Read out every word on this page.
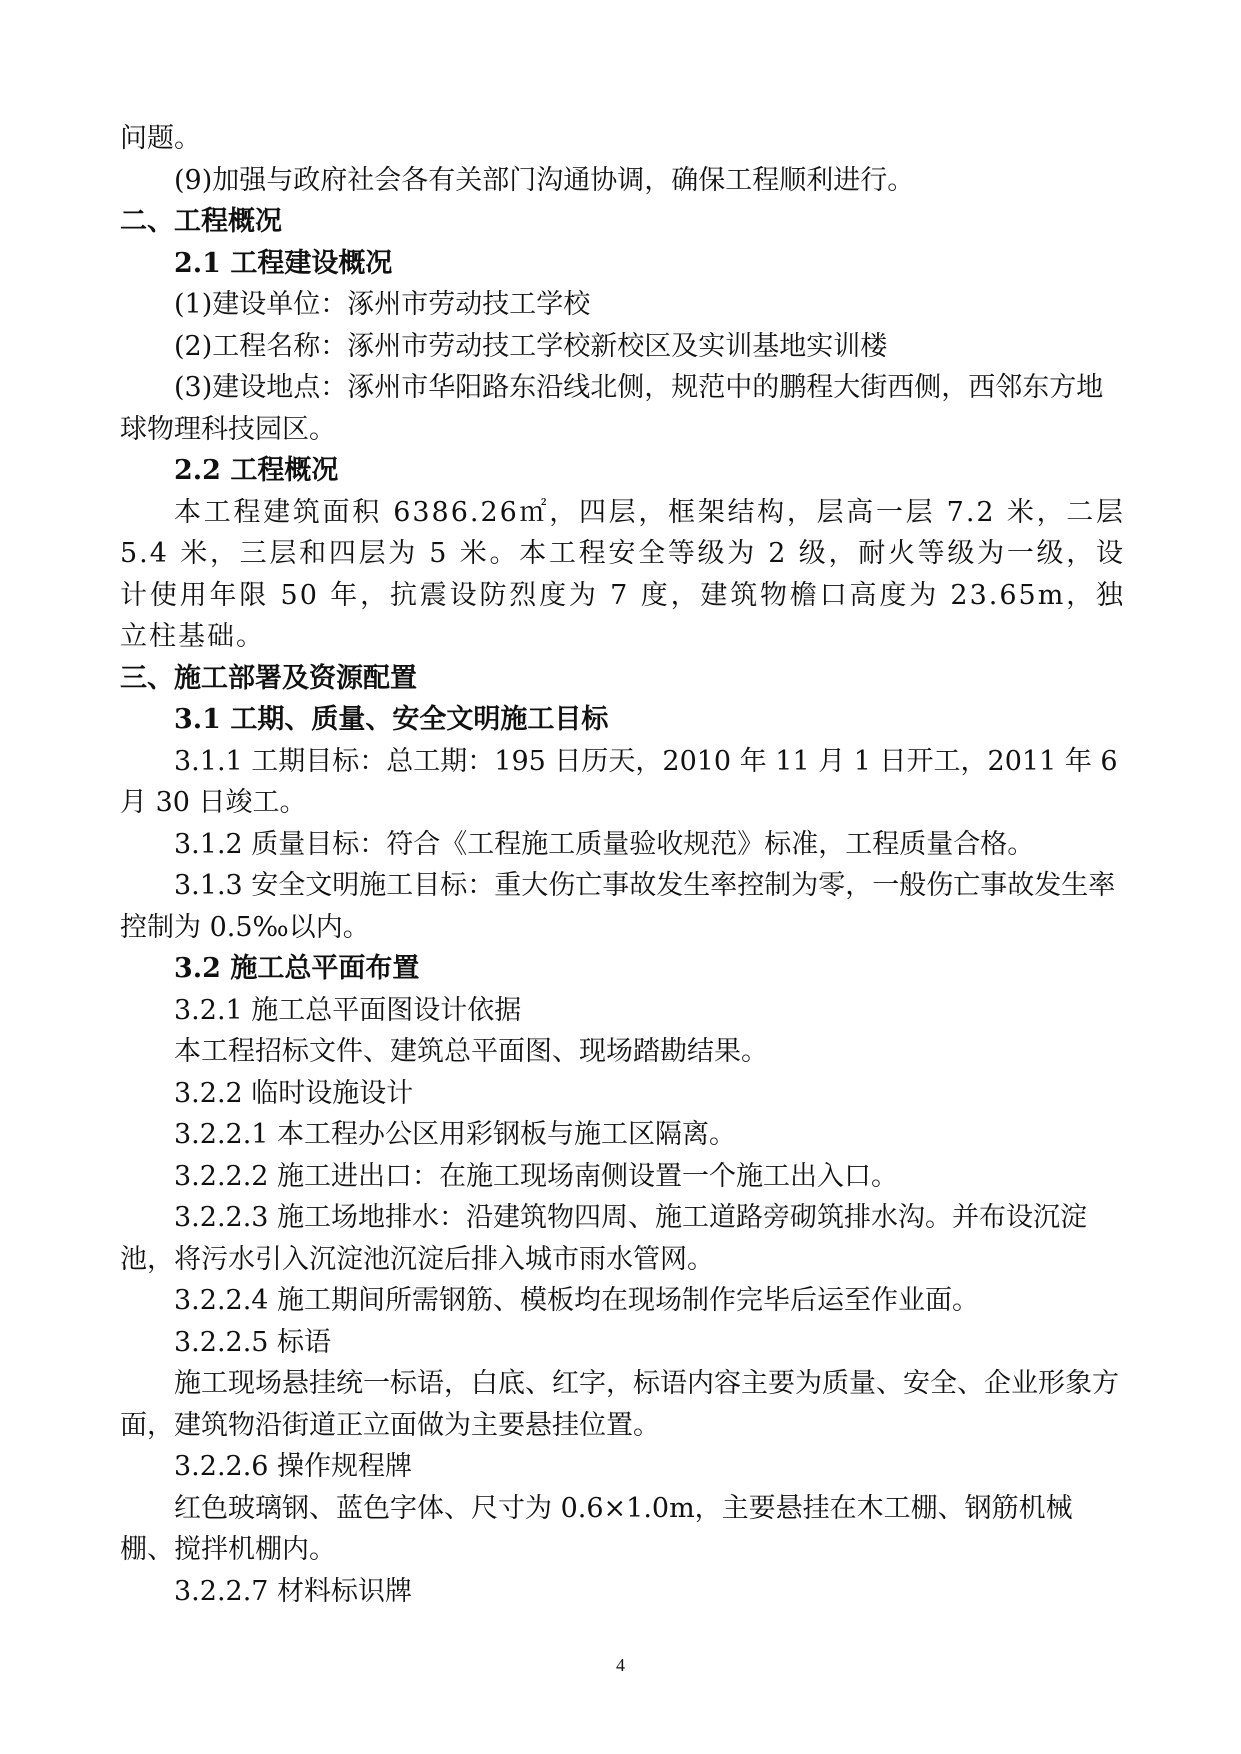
问题。

(9)加强与政府社会各有关部门沟通协调，确保工程顺利进行。

二、工程概况

2.1 工程建设概况

(1)建设单位：涿州市劳动技工学校

(2)工程名称：涿州市劳动技工学校新校区及实训基地实训楼

(3)建设地点：涿州市华阳路东沿线北侧，规范中的鹏程大街西侧，西邻东方地球物理科技园区。

2.2 工程概况

本工程建筑面积 6386.26㎡，四层，框架结构，层高一层 7.2 米，二层 5.4 米，三层和四层为 5 米。本工程安全等级为 2 级，耐火等级为一级，设计使用年限 50 年，抗震设防烈度为 7 度，建筑物檐口高度为 23.65m，独立柱基础。

三、施工部署及资源配置

3.1 工期、质量、安全文明施工目标

3.1.1 工期目标：总工期：195 日历天，2010 年 11 月 1 日开工，2011 年 6 月 30 日竣工。

3.1.2 质量目标：符合《工程施工质量验收规范》标准，工程质量合格。

3.1.3 安全文明施工目标：重大伤亡事故发生率控制为零，一般伤亡事故发生率控制为 0.5‰以内。

3.2 施工总平面布置

3.2.1 施工总平面图设计依据

本工程招标文件、建筑总平面图、现场踏勘结果。

3.2.2 临时设施设计

3.2.2.1 本工程办公区用彩钢板与施工区隔离。

3.2.2.2 施工进出口：在施工现场南侧设置一个施工出入口。

3.2.2.3 施工场地排水：沿建筑物四周、施工道路旁砌筑排水沟。并布设沉淀池，将污水引入沉淀池沉淀后排入城市雨水管网。

3.2.2.4 施工期间所需钢筋、模板均在现场制作完毕后运至作业面。

3.2.2.5 标语

施工现场悬挂统一标语，白底、红字，标语内容主要为质量、安全、企业形象方面，建筑物沿街道正立面做为主要悬挂位置。

3.2.2.6 操作规程牌

红色玻璃钢、蓝色字体、尺寸为 0.6×1.0m，主要悬挂在木工棚、钢筋机械棚、搅拌机棚内。

3.2.2.7 材料标识牌

4
